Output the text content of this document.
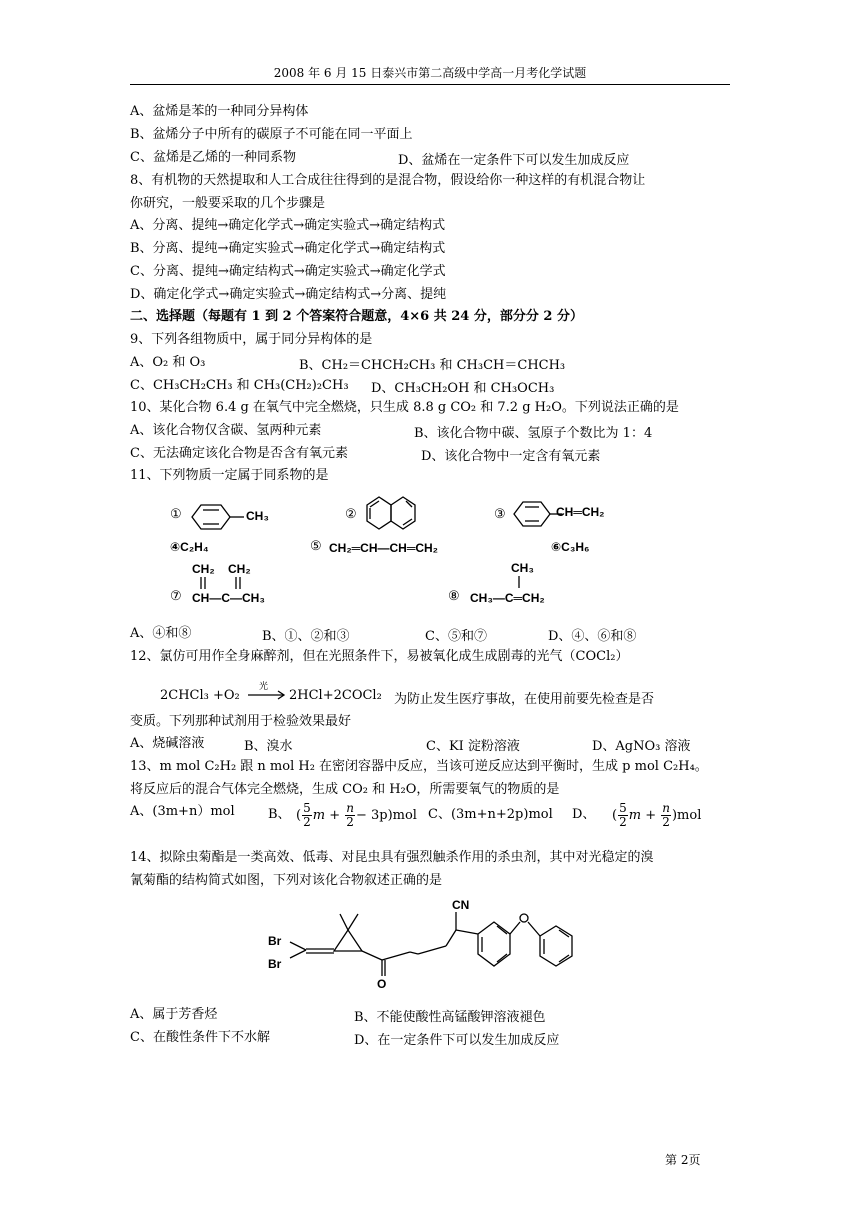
2008 年 6 月 15 日泰兴市第二高级中学高一月考化学试题
A、盆烯是苯的一种同分异构体
B、盆烯分子中所有的碳原子不可能在同一平面上
C、盆烯是乙烯的一种同系物	D、盆烯在一定条件下可以发生加成反应
8、有机物的天然提取和人工合成往往得到的是混合物，假设给你一种这样的有机混合物让
你研究，一般要采取的几个步骤是
A、分离、提纯→确定化学式→确定实验式→确定结构式
B、分离、提纯→确定实验式→确定化学式→确定结构式
C、分离、提纯→确定结构式→确定实验式→确定化学式
D、确定化学式→确定实验式→确定结构式→分离、提纯
二、选择题（每题有 1 到 2 个答案符合题意，4×6 共 24 分，部分分 2 分）
9、下列各组物质中，属于同分异构体的是
A、O₂ 和 O₃	B、CH₂＝CHCH₂CH₃ 和 CH₃CH＝CHCH₃
C、CH₃CH₂CH₃ 和 CH₃(CH₂)₂CH₃ D、CH₃CH₂OH 和 CH₃OCH₃
10、某化合物 6.4 g 在氧气中完全燃烧，只生成 8.8 g CO₂ 和 7.2 g H₂O。下列说法正确的是
A、该化合物仅含碳、氢两种元素	B、该化合物中碳、氢原子个数比为 1：4
C、无法确定该化合物是否含有氧元素	D、该化合物中一定含有氧元素
11、下列物质一定属于同系物的是
①	CH₃	②	③	CH═CH₂
④C₂H₄	⑤ CH₂═CH—CH═CH₂	⑥C₃H₆
CH₂ CH₂
⑦ CH—C—CH₃
CH₃
⑧ CH₃—C═CH₂
A、④和⑧	B、①、②和③	C、⑤和⑦	D、④、⑥和⑧
12、氯仿可用作全身麻醉剂，但在光照条件下，易被氧化成生成剧毒的光气（COCl₂）
2CHCl₃ +O₂
光
→ 2HCl+2COCl₂ 为防止发生医疗事故，在使用前要先检查是否
变质。下列那种试剂用于检验效果最好
A、烧碱溶液	B、溴水	C、KI 淀粉溶液	D、AgNO₃ 溶液
13、m mol C₂H₂ 跟 n mol H₂ 在密闭容器中反应，当该可逆反应达到平衡时，生成 p mol C₂H₄。
将反应后的混合气体完全燃烧，生成 CO₂ 和 H₂O，所需要氧气的物质的是
A、(3m+n）mol	B、 ( $\frac{5}{2}$ $m + \frac{n}{2} - 3p)mol$ C、(3m+n+2p)mol D、 ( $\frac{5}{2}$ $m + \frac{n}{2} )mol$
14、拟除虫菊酯是一类高效、低毒、对昆虫具有强烈触杀作用的杀虫剂，其中对光稳定的溴
氰菊酯的结构简式如图，下列对该化合物叙述正确的是
Br
Br
CN
O
A、属于芳香烃	B、不能使酸性高锰酸钾溶液褪色
C、在酸性条件下不水解	D、在一定条件下可以发生加成反应
第 2页
